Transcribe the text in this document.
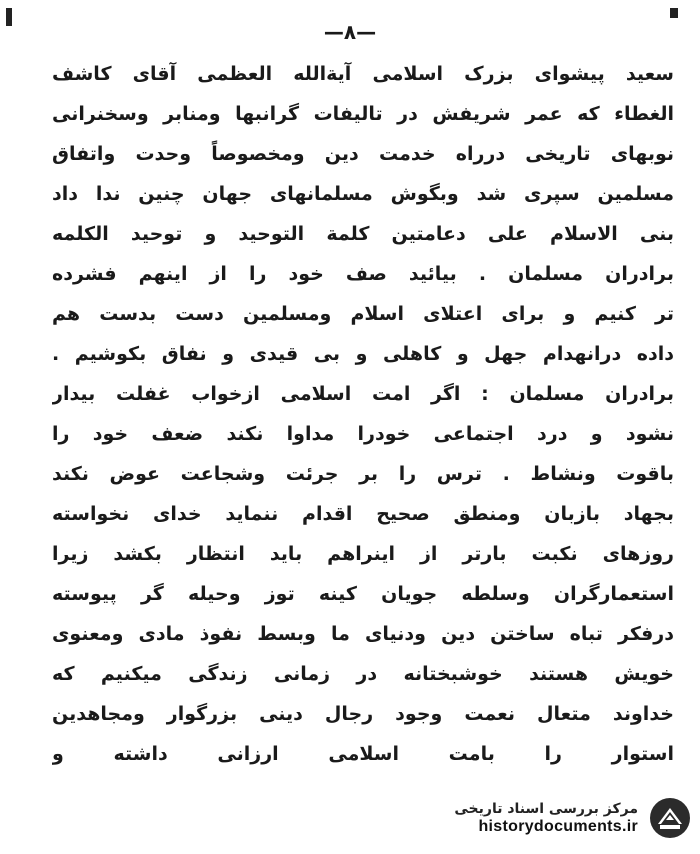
—۸—
سعید پیشوای بزرک اسلامی آیةالله العظمی آقای کاشف
الغطاء که عمر شریفش در تالیفات گرانبها ومنابر وسخنرانی
نوبهای تاریخی درراه خدمت دین ومخصوصاً وحدت واتفاق
مسلمین سپری شد وبگوش مسلمانهای جهان چنین ندا داد
بنی الاسلام علی دعامتین کلمة التوحید و توحید الکلمه
برادران مسلمان . بیائید صف خود را از اینهم فشرده
تر کنیم و برای اعتلای اسلام ومسلمین دست بدست هم
داده درانهدام جهل و کاهلی و بی قیدی و نفاق بکوشیم .
برادران مسلمان : اگر امت اسلامی ازخواب غفلت بیدار
نشود و درد اجتماعی خودرا مداوا نکند ضعف خود را
باقوت ونشاط . ترس را بر جرئت وشجاعت عوض نکند
بجهاد بازبان ومنطق صحیح اقدام ننماید خدای نخواسته
روزهای نکبت بارتر از اینراهم باید انتظار بکشد زیرا
استعمارگران وسلطه جویان کینه توز وحیله گر پیوسته
درفکر تباه ساختن دین ودنیای ما وبسط نفوذ مادی ومعنوی
خویش هستند خوشبختانه در زمانی زندگی میکنیم که
خداوند متعال نعمت وجود رجال دینی بزرگوار ومجاهدین
استوار را بامت اسلامی ارزانی داشته و
مرکز بررسی اسناد تاریخی
historydocuments.ir
